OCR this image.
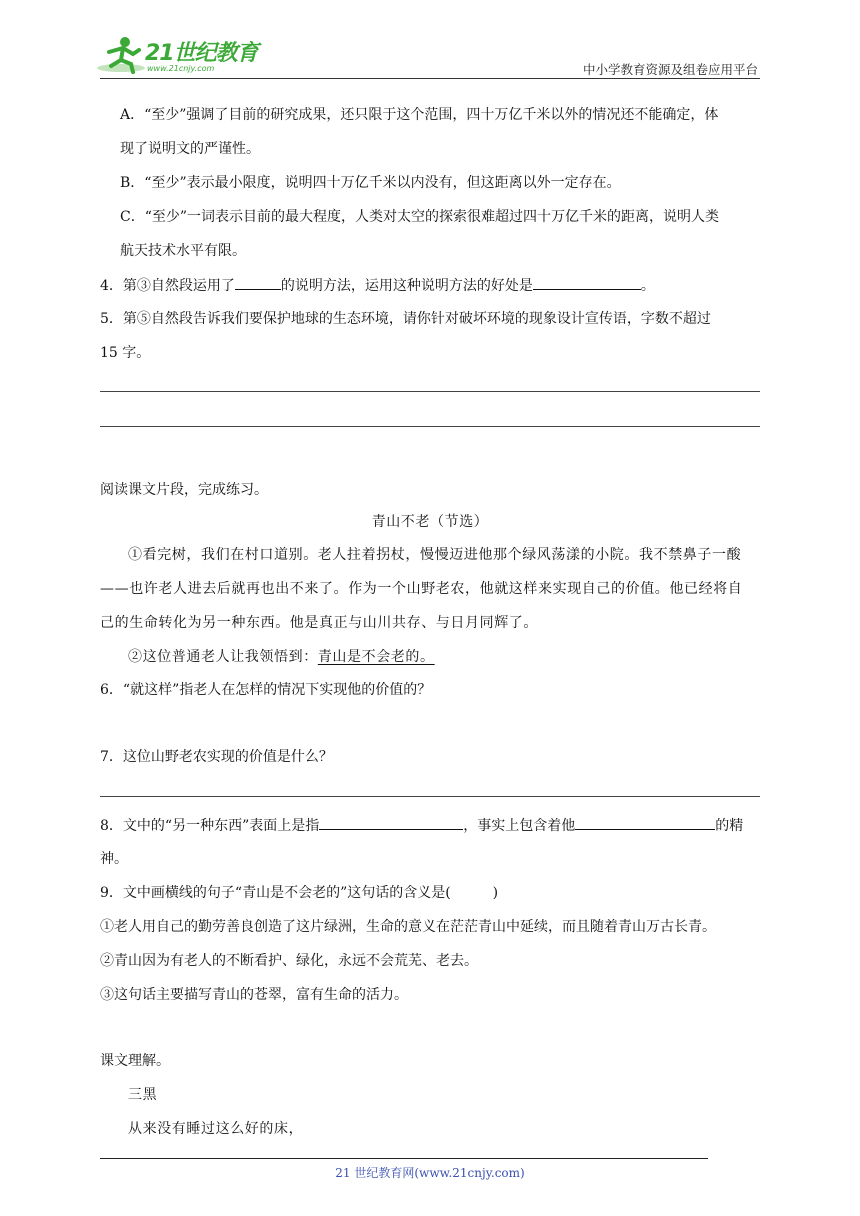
21世纪教育
www.21cnjy.com	中小学教育资源及组卷应用平台
A．“至少”强调了目前的研究成果，还只限于这个范围，四十万亿千米以外的情况还不能确定，体
现了说明文的严谨性。
B．“至少”表示最小限度，说明四十万亿千米以内没有，但这距离以外一定存在。
C．“至少”一词表示目前的最大程度，人类对太空的探索很难超过四十万亿千米的距离，说明人类
航天技术水平有限。
4．第③自然段运用了	的说明方法，运用这种说明方法的好处是	。
5．第⑤自然段告诉我们要保护地球的生态环境，请你针对破坏环境的现象设计宣传语，字数不超过
15 字。
阅读课文片段，完成练习。
青山不老（节选）
①看完树，我们在村口道别。老人拄着拐杖，慢慢迈进他那个绿风荡漾的小院。我不禁鼻子一酸
——也许老人进去后就再也出不来了。作为一个山野老农，他就这样来实现自己的价值。他已经将自
己的生命转化为另一种东西。他是真正与山川共存、与日月同辉了。
②这位普通老人让我领悟到：青山是不会老的。
6．“就这样”指老人在怎样的情况下实现他的价值的？
7．这位山野老农实现的价值是什么？
8．文中的“另一种东西”表面上是指	，事实上包含着他	的精
神。
9．文中画横线的句子“青山是不会老的”这句话的含义是(　　　)
①老人用自己的勤劳善良创造了这片绿洲，生命的意义在茫茫青山中延续，而且随着青山万古长青。
②青山因为有老人的不断看护、绿化，永远不会荒芜、老去。
③这句话主要描写青山的苍翠，富有生命的活力。
课文理解。
三黑
从来没有睡过这么好的床，
21 世纪教育网(www.21cnjy.com)
